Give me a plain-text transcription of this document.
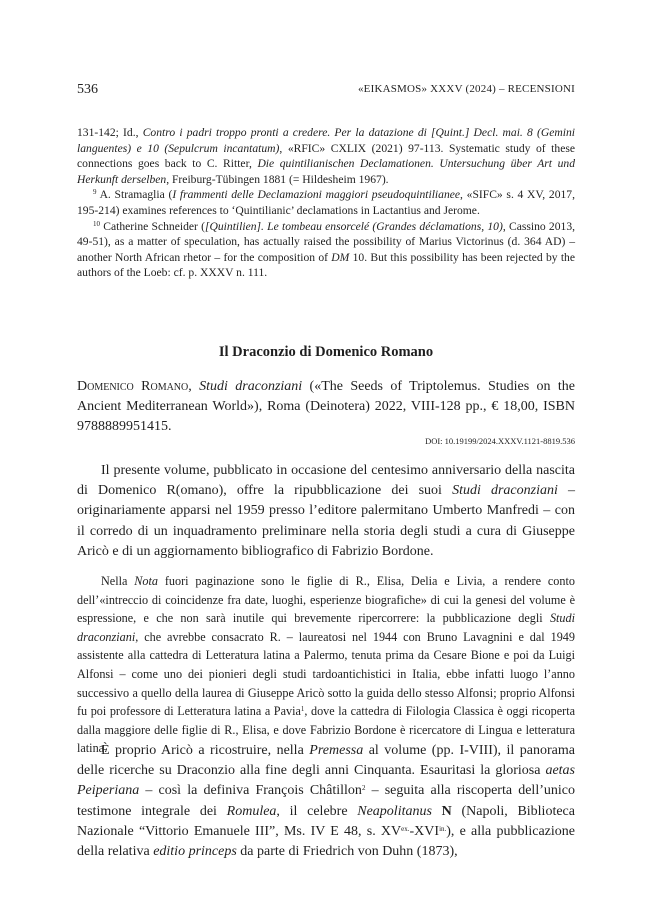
536	«EIKASMOS» XXXV (2024) – RECENSIONI

131-142; Id., Contro i padri troppo pronti a credere. Per la datazione di [Quint.] Decl. mai. 8 (Gemini languentes) e 10 (Sepulcrum incantatum), «RFIC» CXLIX (2021) 97-113. Systematic study of these connections goes back to C. Ritter, Die quintilianischen Declamationen. Untersuchung über Art und Herkunft derselben, Freiburg-Tübingen 1881 (= Hildesheim 1967).

$^9$ A. Stramaglia (I frammenti delle Declamazioni maggiori pseudoquintilianee, «SIFC» s. 4 XV, 2017, 195-214) examines references to ‘Quintilianic’ declamations in Lactantius and Jerome.

$^{10}$ Catherine Schneider ([Quintilien]. Le tombeau ensorcelé (Grandes déclamations, 10), Cassino 2013, 49-51), as a matter of speculation, has actually raised the possibility of Marius Victorinus (d. 364 AD) – another North African rhetor – for the composition of DM 10. But this possibility has been rejected by the authors of the Loeb: cf. p. XXXV n. 111.

Il Draconzio di Domenico Romano
Domenico Romano, Studi draconziani («The Seeds of Triptolemus. Studies on the Ancient Mediterranean World»), Roma (Deinotera) 2022, VIII-128 pp., € 18,00, ISBN 9788889951415.
DOI: 10.19199/2024.XXXV.1121-8819.536

Il presente volume, pubblicato in occasione del centesimo anniversario della nascita di Domenico R(omano), offre la ripubblicazione dei suoi Studi draconziani – originariamente apparsi nel 1959 presso l’editore palermitano Umberto Manfredi – con il corredo di un inquadramento preliminare nella storia degli studi a cura di Giuseppe Aricò e di un aggiornamento bibliografico di Fabrizio Bordone.

Nella Nota fuori paginazione sono le figlie di R., Elisa, Delia e Livia, a rendere conto dell’«intreccio di coincidenze fra date, luoghi, esperienze biografiche» di cui la genesi del volume è espressione, e che non sarà inutile qui brevemente ripercorrere: la pubblicazione degli Studi draconziani, che avrebbe consacrato R. – laureatosi nel 1944 con Bruno Lavagnini e dal 1949 assistente alla cattedra di Letteratura latina a Palermo, tenuta prima da Cesare Bione e poi da Luigi Alfonsi – come uno dei pionieri degli studi tardoantichistici in Italia, ebbe infatti luogo l’anno successivo a quello della laurea di Giuseppe Aricò sotto la guida dello stesso Alfonsi; proprio Alfonsi fu poi professore di Letteratura latina a Pavia$^1$, dove la cattedra di Filologia Classica è oggi ricoperta dalla maggiore delle figlie di R., Elisa, e dove Fabrizio Bordone è ricercatore di Lingua e letteratura latina.

È proprio Aricò a ricostruire, nella Premessa al volume (pp. I-VIII), il panorama delle ricerche su Draconzio alla fine degli anni Cinquanta. Esauritasi la gloriosa aetas Peiperiana – così la definiva François Châtillon$^2$ – seguita alla riscoperta dell’unico testimone integrale dei Romulea, il celebre Neapolitanus N (Napoli, Biblioteca Nazionale “Vittorio Emanuele III”, Ms. IV E 48, s. $XV^{ex.}-XVI^{in.}$), e alla pubblicazione della relativa editio princeps da parte di Friedrich von Duhn (1873),
